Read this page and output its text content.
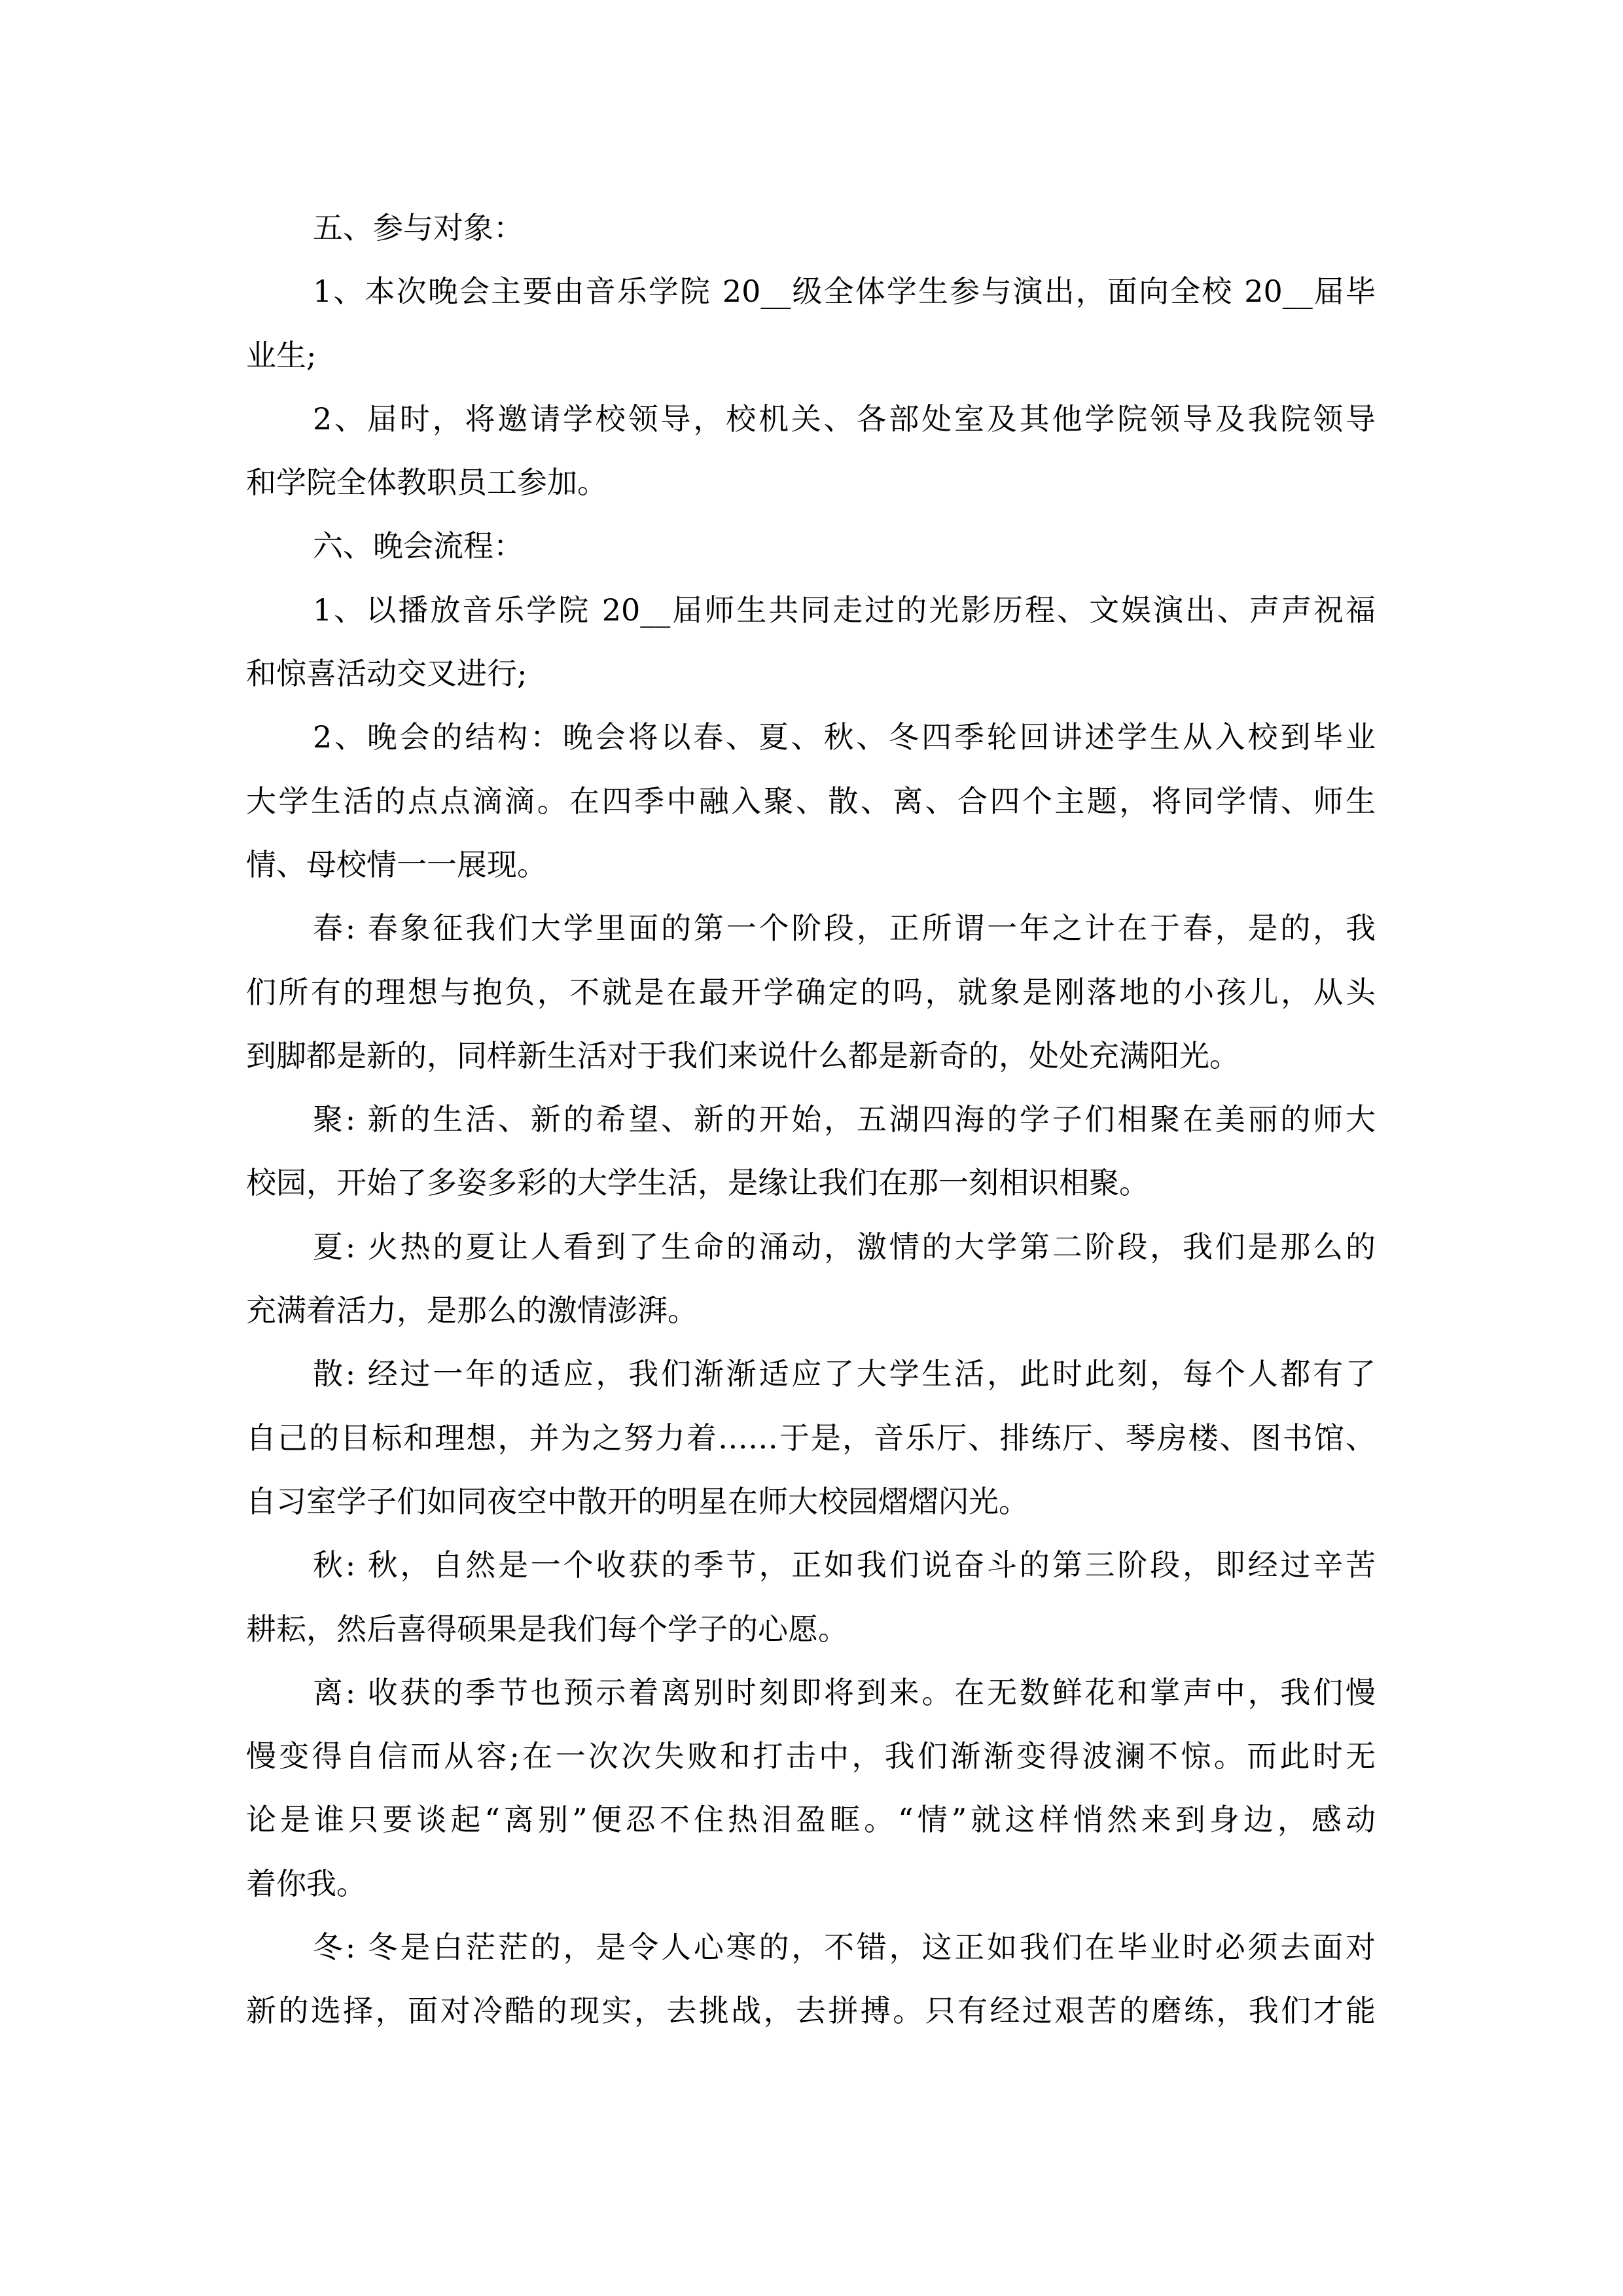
五、参与对象：
1、本次晚会主要由音乐学院 20__级全体学生参与演出，面向全校 20__届毕
业生;
2、届时，将邀请学校领导，校机关、各部处室及其他学院领导及我院领导
和学院全体教职员工参加。
六、晚会流程：
1、以播放音乐学院 20__届师生共同走过的光影历程、文娱演出、声声祝福
和惊喜活动交叉进行;
2、晚会的结构：晚会将以春、夏、秋、冬四季轮回讲述学生从入校到毕业
大学生活的点点滴滴。在四季中融入聚、散、离、合四个主题，将同学情、师生
情、母校情一一展现。
春: 春象征我们大学里面的第一个阶段，正所谓一年之计在于春，是的，我
们所有的理想与抱负，不就是在最开学确定的吗，就象是刚落地的小孩儿，从头
到脚都是新的，同样新生活对于我们来说什么都是新奇的，处处充满阳光。
聚: 新的生活、新的希望、新的开始，五湖四海的学子们相聚在美丽的师大
校园，开始了多姿多彩的大学生活，是缘让我们在那一刻相识相聚。
夏: 火热的夏让人看到了生命的涌动，激情的大学第二阶段，我们是那么的
充满着活力，是那么的激情澎湃。
散: 经过一年的适应，我们渐渐适应了大学生活，此时此刻，每个人都有了
自己的目标和理想，并为之努力着……于是，音乐厅、排练厅、琴房楼、图书馆、
自习室学子们如同夜空中散开的明星在师大校园熠熠闪光。
秋: 秋，自然是一个收获的季节，正如我们说奋斗的第三阶段，即经过辛苦
耕耘，然后喜得硕果是我们每个学子的心愿。
离: 收获的季节也预示着离别时刻即将到来。在无数鲜花和掌声中，我们慢
慢变得自信而从容;在一次次失败和打击中，我们渐渐变得波澜不惊。而此时无
论是谁只要谈起“离别”便忍不住热泪盈眶。“情”就这样悄然来到身边，感动
着你我。
冬: 冬是白茫茫的，是令人心寒的，不错，这正如我们在毕业时必须去面对
新的选择，面对冷酷的现实，去挑战，去拼搏。只有经过艰苦的磨练，我们才能
